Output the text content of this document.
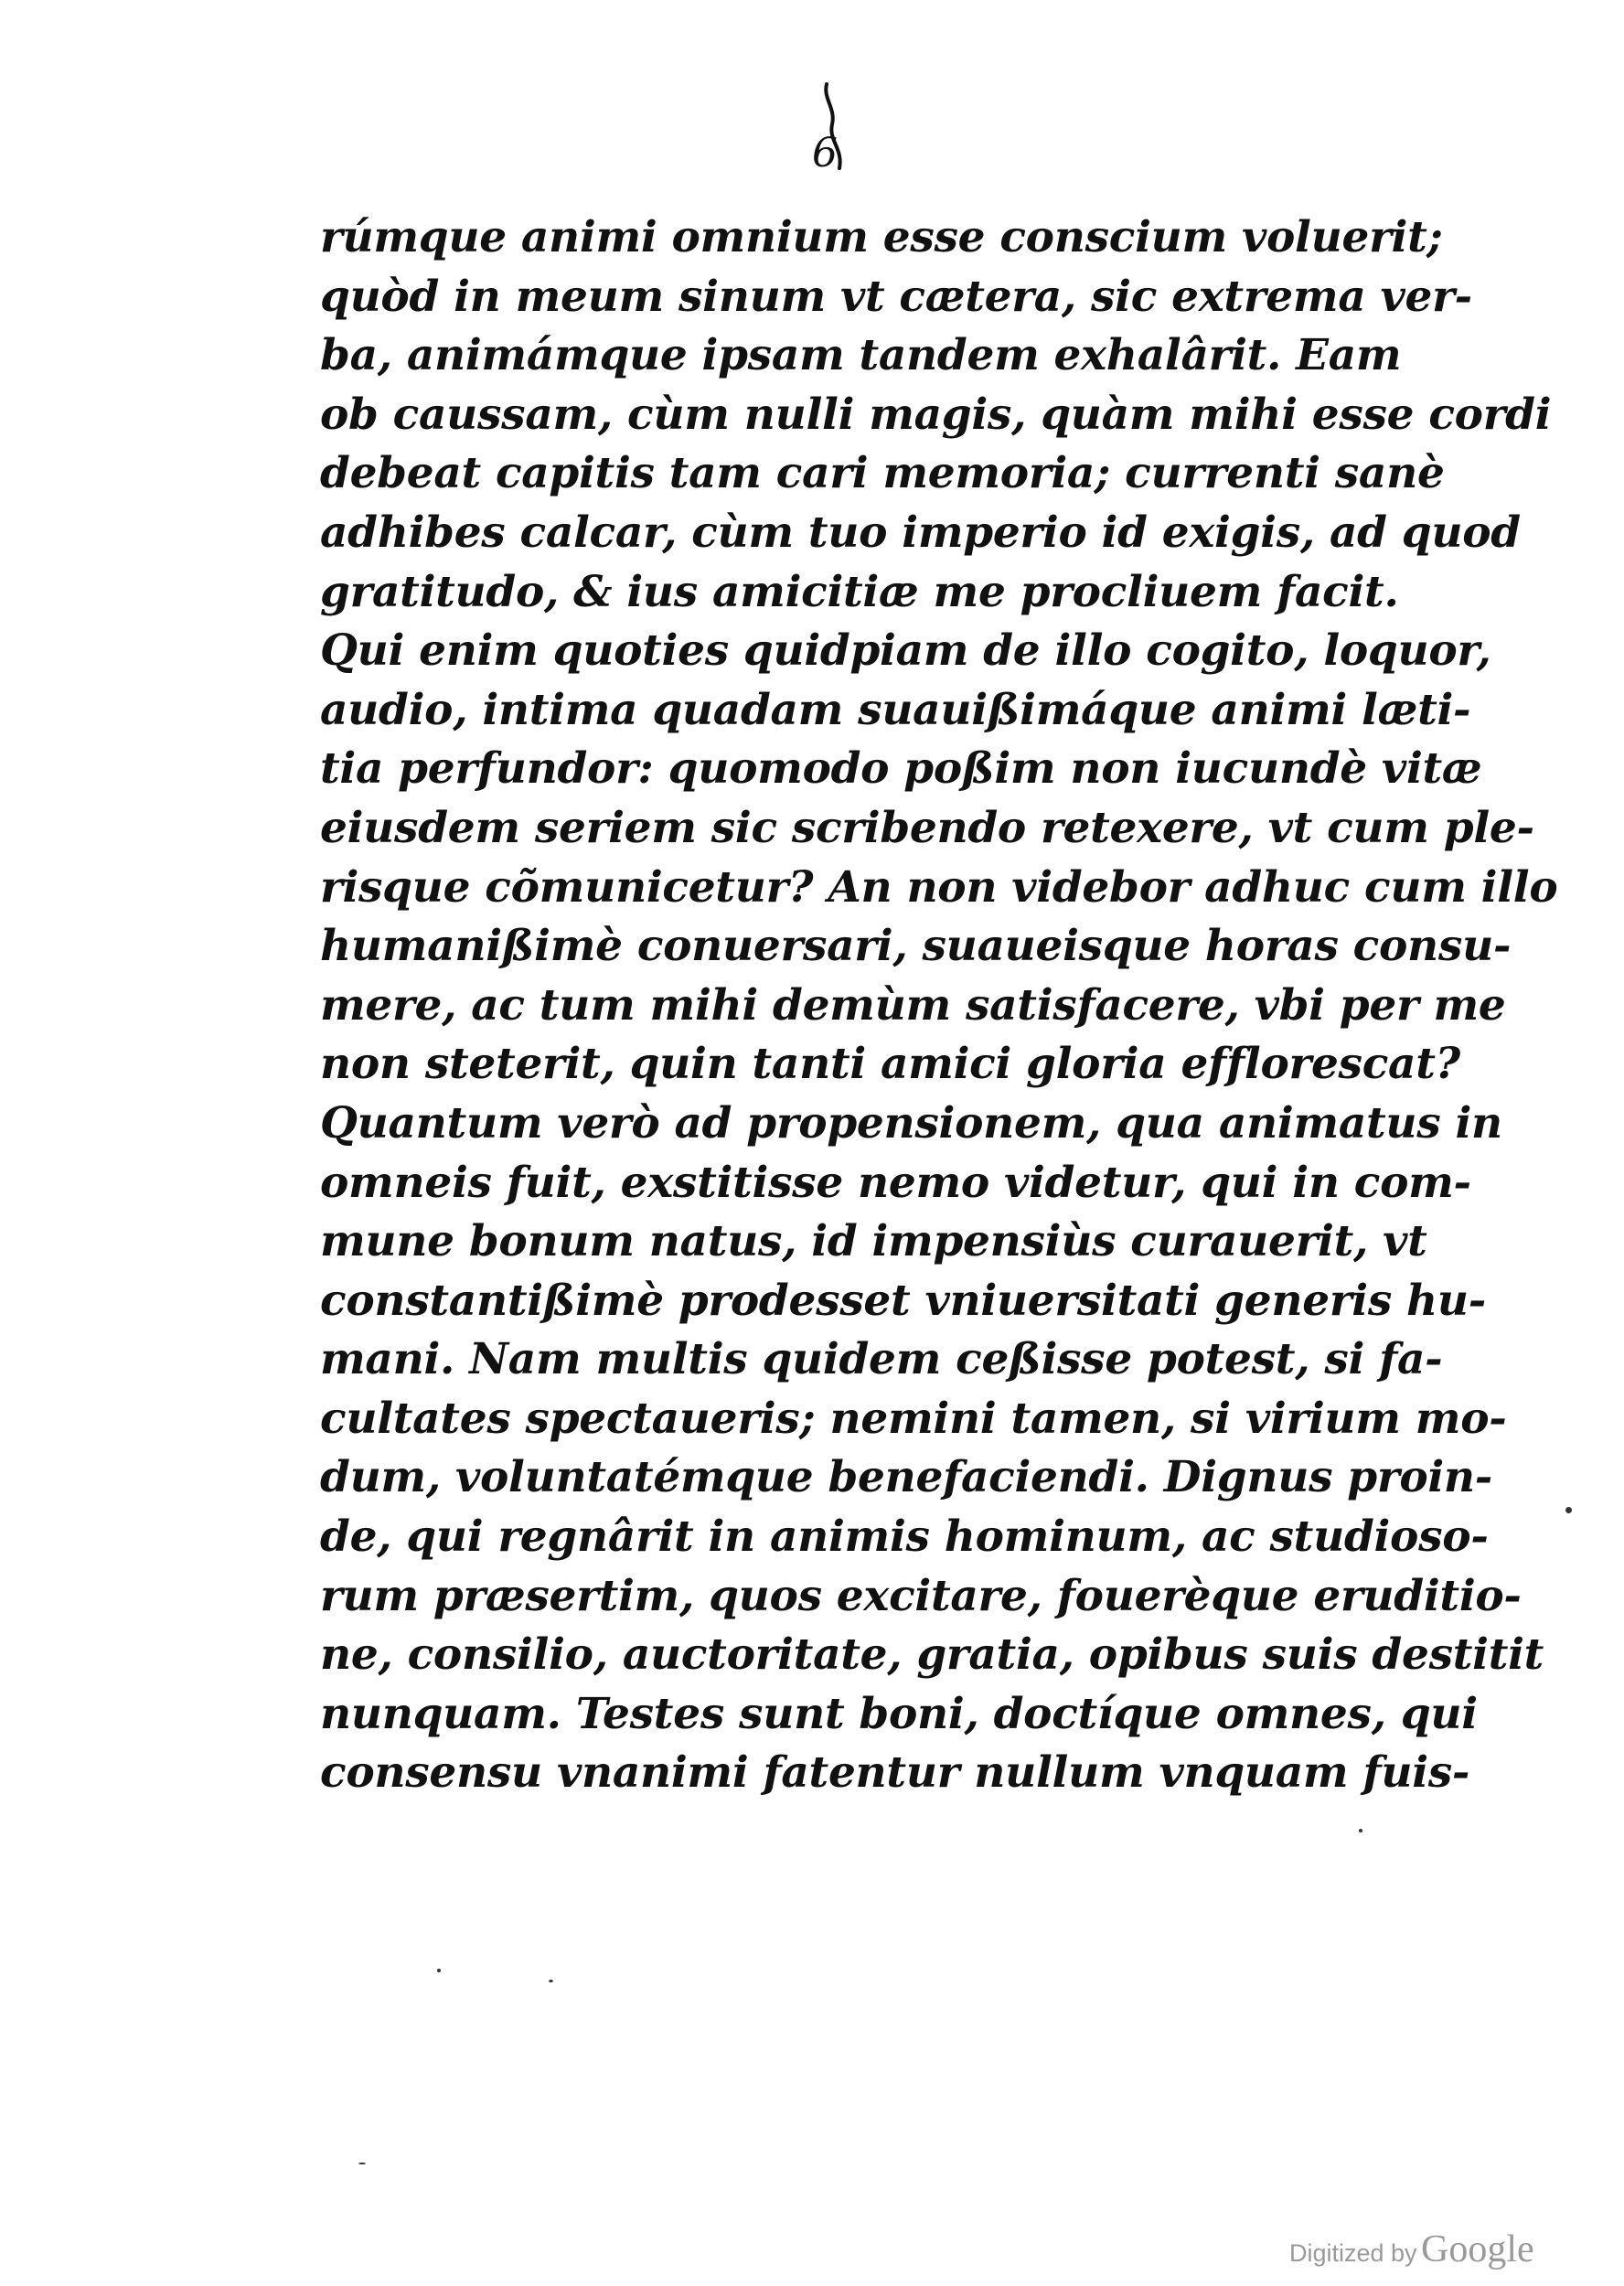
6
rúmque animi omnium esse conscium voluerit;
quòd in meum sinum vt cætera, sic extrema ver-
ba, animámque ipsam tandem exhalârit. Eam
ob caussam, cùm nulli magis, quàm mihi esse cordi
debeat capitis tam cari memoria; currenti sanè
adhibes calcar, cùm tuo imperio id exigis, ad quod
gratitudo, & ius amicitiæ me procliuem facit.
Qui enim quoties quidpiam de illo cogito, loquor,
audio, intima quadam suauißimáque animi læti-
tia perfundor: quomodo poßim non iucundè vitæ
eiusdem seriem sic scribendo retexere, vt cum ple-
risque cõmunicetur? An non videbor adhuc cum illo
humanißimè conuersari, suaueisque horas consu-
mere, ac tum mihi demùm satisfacere, vbi per me
non steterit, quin tanti amici gloria efflorescat?
Quantum verò ad propensionem, qua animatus in
omneis fuit, exstitisse nemo videtur, qui in com-
mune bonum natus, id impensiùs curauerit, vt
constantißimè prodesset vniuersitati generis hu-
mani. Nam multis quidem ceßisse potest, si fa-
cultates spectaueris; nemini tamen, si virium mo-
dum, voluntatémque benefaciendi. Dignus proin-
de, qui regnârit in animis hominum, ac studioso-
rum præsertim, quos excitare, fouerèque eruditio-
ne, consilio, auctoritate, gratia, opibus suis destitit
nunquam. Testes sunt boni, doctíque omnes, qui
consensu vnanimi fatentur nullum vnquam fuis-
Digitized by Google
